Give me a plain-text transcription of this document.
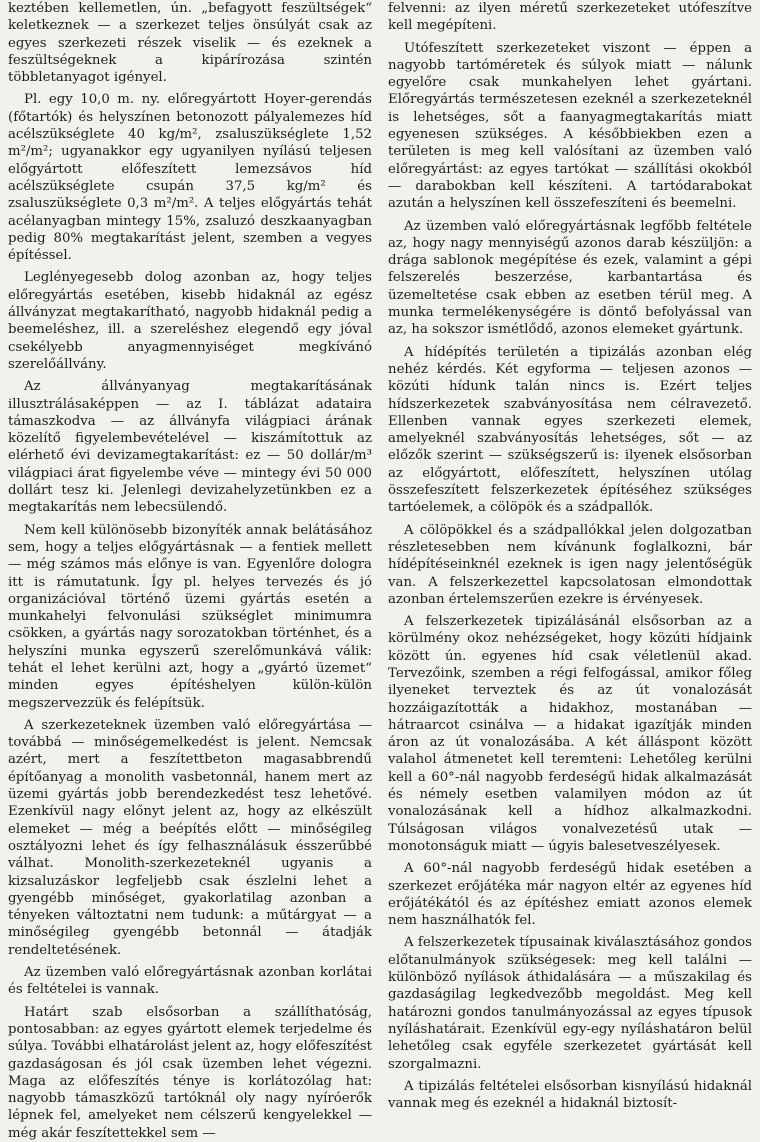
keztében kellemetlen, ún. „befagyott feszültségek“ keletkeznek — a szerkezet teljes önsúlyát csak az egyes szerkezeti részek viselik — és ezeknek a feszültségeknek a kipárírozása szintén többletanyagot igényel.

Pl. egy 10,0 m. ny. előregyártott Hoyer-gerendás (főtartók) és helyszínen betonozott pályalemezes híd acélszükséglete 40 kg/m², zsaluszükséglete 1,52 m²/m²; ugyanakkor egy ugyanilyen nyílású teljesen előgyártott előfeszített lemezsávos híd acélszükséglete csupán 37,5 kg/m² és zsaluszükséglete 0,3 m²/m². A teljes előgyártás tehát acélanyagban mintegy 15%, zsaluzó deszkaanyagban pedig 80% megtakarítást jelent, szemben a vegyes építéssel.

Leglényegesebb dolog azonban az, hogy teljes előregyártás esetében, kisebb hidaknál az egész állványzat megtakarítható, nagyobb hidaknál pedig a beemeléshez, ill. a szereléshez elegendő egy jóval csekélyebb anyagmennyiséget megkívánó szerelőállvány.

Az állványanyag megtakarításának illusztrálásaképpen — az I. táblázat adataira támaszkodva — az állványfa világpiaci árának közelítő figyelembevételével — kiszámítottuk az elérhető évi devizamegtakarítást: ez — 50 dollár/m³ világpiaci árat figyelembe véve — mintegy évi 50 000 dollárt tesz ki. Jelenlegi devizahelyzetünkben ez a megtakarítás nem lebecsülendő.

Nem kell különösebb bizonyíték annak belátásához sem, hogy a teljes előgyártásnak — a fentiek mellett — még számos más előnye is van. Egyenlőre dologra itt is rámutatunk. Így pl. helyes tervezés és jó organizációval történő üzemi gyártás esetén a munkahelyi felvonulási szükséglet minimumra csökken, a gyártás nagy sorozatokban történhet, és a helyszíni munka egyszerű szerelőmunkává válik: tehát el lehet kerülni azt, hogy a „gyártó üzemet“ minden egyes építéshelyen külön-külön megszervezzük és felépítsük.

A szerkezeteknek üzemben való előregyártása — továbbá — minőségemelkedést is jelent. Nemcsak azért, mert a feszítettbeton magasabbrendű építőanyag a monolith vasbetonnál, hanem mert az üzemi gyártás jobb berendezkedést tesz lehetővé. Ezenkívül nagy előnyt jelent az, hogy az elkészült elemeket — még a beépítés előtt — minőségileg osztályozni lehet és így felhasználásuk ésszerűbbé válhat. Monolith-szerkezeteknél ugyanis a kizsaluzáskor legfeljebb csak észlelni lehet a gyengébb minőséget, gyakorlatilag azonban a tényeken változtatni nem tudunk: a műtárgyat — a minőségileg gyengébb betonnál — átadják rendeltetésének.

Az üzemben való előregyártásnak azonban korlátai és feltételei is vannak.

Határt szab elsősorban a szállíthatóság, pontosabban: az egyes gyártott elemek terjedelme és súlya. További elhatárolást jelent az, hogy előfeszítést gazdaságosan és jól csak üzemben lehet végezni. Maga az előfeszítés ténye is korlátozólag hat: nagyobb támaszközű tartóknál oly nagy nyíróerők lépnek fel, amelyeket nem célszerű kengyelekkel — még akár feszítettekkel sem —

felvenni: az ilyen méretű szerkezeteket utófeszítve kell megépíteni.

Utófeszített szerkezeteket viszont — éppen a nagyobb tartóméretek és súlyok miatt — nálunk egyelőre csak munkahelyen lehet gyártani. Előregyártás természetesen ezeknél a szerkezeteknél is lehetséges, sőt a faanyagmegtakarítás miatt egyenesen szükséges. A későbbiekben ezen a területen is meg kell valósítani az üzemben való előregyártást: az egyes tartókat — szállítási okokból — darabokban kell készíteni. A tartódarabokat azután a helyszínen kell összefeszíteni és beemelni.

Az üzemben való előregyártásnak legfőbb feltétele az, hogy nagy mennyiségű azonos darab készüljön: a drága sablonok megépítése és ezek, valamint a gépi felszerelés beszerzése, karbantartása és üzemeltetése csak ebben az esetben térül meg. A munka termelékenységére is döntő befolyással van az, ha sokszor ismétlődő, azonos elemeket gyártunk.

A hídépítés területén a tipizálás azonban elég nehéz kérdés. Két egyforma — teljesen azonos — közúti hídunk talán nincs is. Ezért teljes hídszerkezetek szabványosítása nem célravezető. Ellenben vannak egyes szerkezeti elemek, amelyeknél szabványosítás lehetséges, sőt — az előzők szerint — szükségszerű is: ilyenek elsősorban az előgyártott, előfeszített, helyszínen utólag összefeszített felszerkezetek építéséhez szükséges tartóelemek, a cölöpök és a szádpallók.

A cölöpökkel és a szádpallókkal jelen dolgozatban részletesebben nem kívánunk foglalkozni, bár hídépítéseinknél ezeknek is igen nagy jelentőségük van. A felszerkezettel kapcsolatosan elmondottak azonban értelemszerűen ezekre is érvényesek.

A felszerkezetek tipizálásánál elsősorban az a körülmény okoz nehézségeket, hogy közúti hídjaink között ún. egyenes híd csak véletlenül akad. Tervezőink, szemben a régi felfogással, amikor főleg ilyeneket terveztek és az út vonalozását hozzáigazították a hidakhoz, mostanában — hátraarcot csinálva — a hidakat igazítják minden áron az út vonalozásába. A két álláspont között valahol átmenetet kell teremteni: Lehetőleg kerülni kell a 60°-nál nagyobb ferdeségű hidak alkalmazását és némely esetben valamilyen módon az út vonalozásának kell a hídhoz alkalmazkodni. Túlságosan világos vonalvezetésű utak — monotonságuk miatt — úgyis balesetveszélyesek.

A 60°-nál nagyobb ferdeségű hidak esetében a szerkezet erőjátéka már nagyon eltér az egyenes híd erőjátékától és az építéshez emiatt azonos elemek nem használhatók fel.

A felszerkezetek típusainak kiválasztásához gondos előtanulmányok szükségesek: meg kell találni — különböző nyílások áthidalására — a műszakilag és gazdaságilag legkedvezőbb megoldást. Meg kell határozni gondos tanulmányozással az egyes típusok nyíláshatárait. Ezenkívül egy-egy nyíláshatáron belül lehetőleg csak egyféle szerkezetet gyártását kell szorgalmazni.

A tipizálás feltételei elsősorban kisnyílású hidaknál vannak meg és ezeknél a hidaknál biztosít-
